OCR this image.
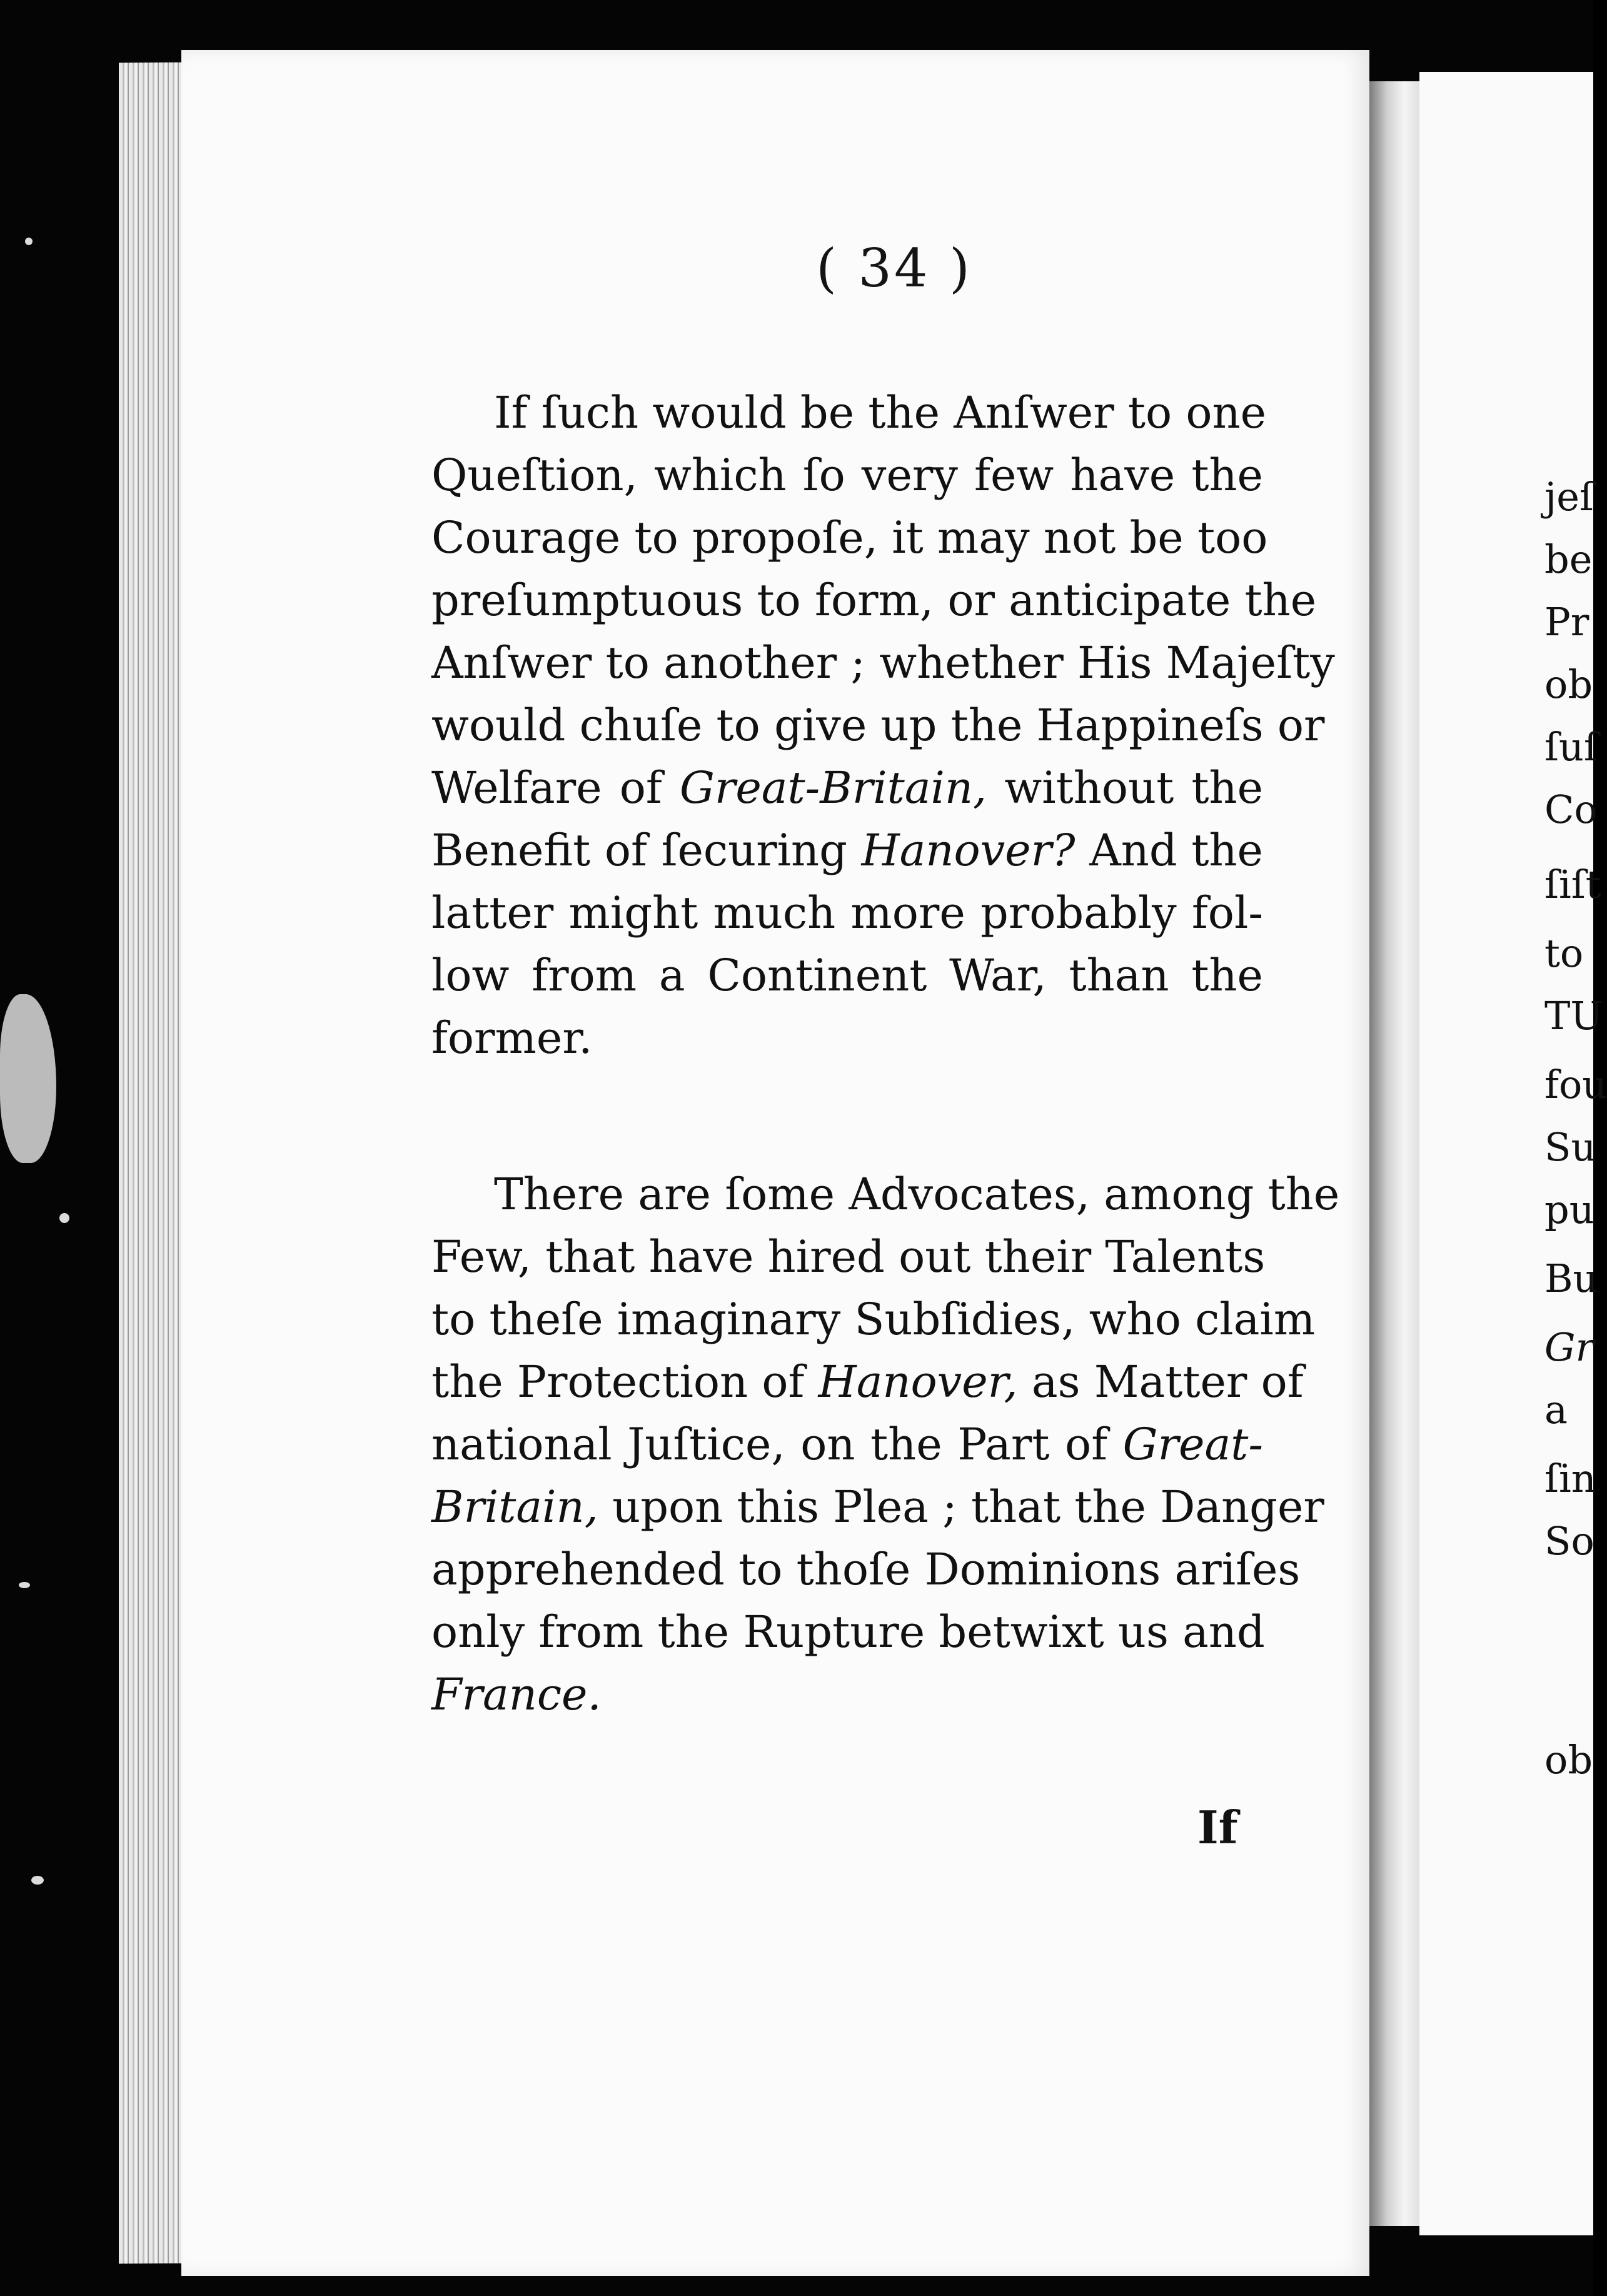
( 34 )
If ſuch would be the Anſwer to one
Queſtion, which ſo very few have the
Courage to propoſe, it may not be too
preſumptuous to form, or anticipate the
Anſwer to another ; whether His Majeſty
would chuſe to give up the Happineſs or
Welfare of Great-Britain, without the
Benefit of ſecuring Hanover? And the
latter might much more probably fol-
low from a Continent War, than the
former.
There are ſome Advocates, among the
Few, that have hired out their Talents
to theſe imaginary Subſidies, who claim
the Protection of Hanover, as Matter of
national Juſtice, on the Part of Great-
Britain, upon this Plea ; that the Danger
apprehended to thoſe Dominions ariſes
only from the Rupture betwixt us and
France.
If
jeſ
be
Pr
ob
ſuſ
Co
ſiſt
to
TU
fou
Su
pu
Bu
Gr
a
ſin
So
ob
